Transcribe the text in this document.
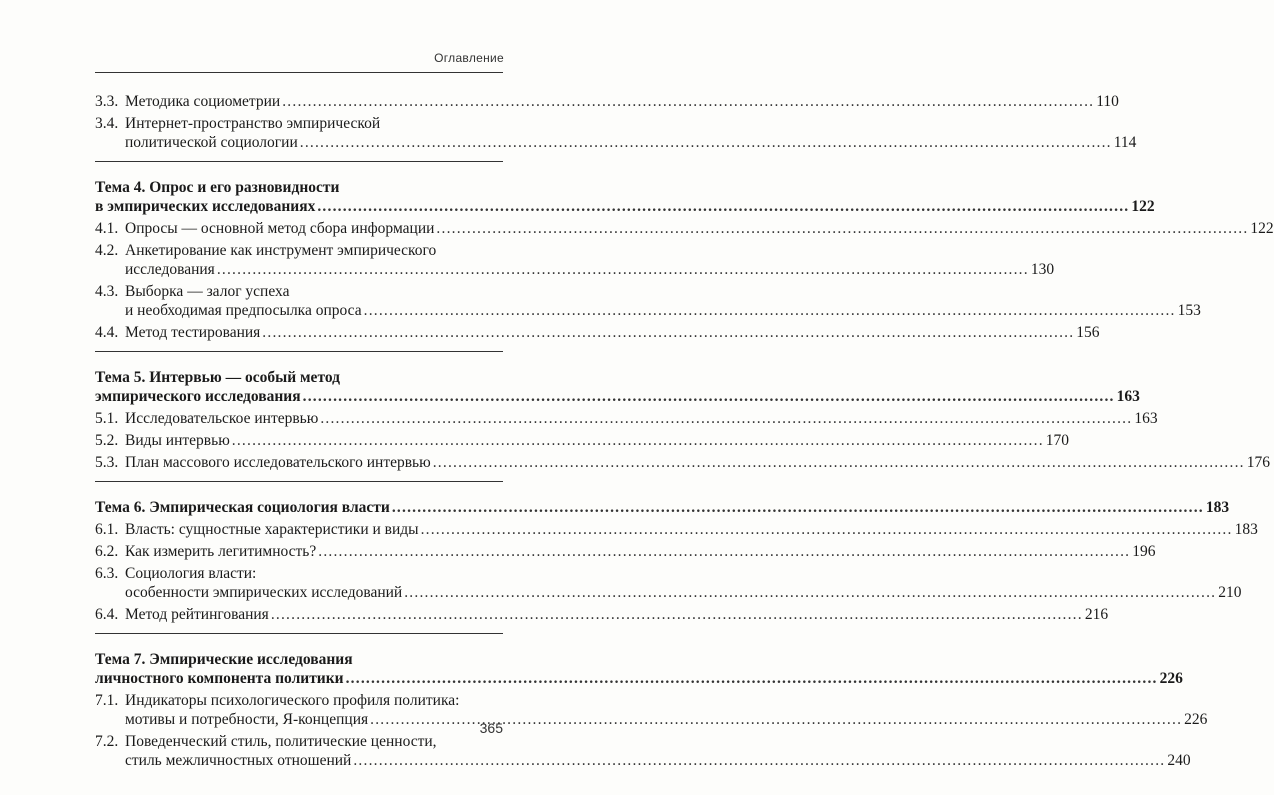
Оглавление
3.3. Методика социометрии .....	110
3.4. Интернет-пространство эмпирической
политической социологии .....	114
Тема 4. Опрос и его разновидности
в эмпирических исследованиях .....	122
4.1. Опросы — основной метод сбора информации .....	122
4.2. Анкетирование как инструмент эмпирического
исследования .....	130
4.3. Выборка — залог успеха
и необходимая предпосылка опроса .....	153
4.4. Метод тестирования .....	156
Тема 5. Интервью — особый метод
эмпирического исследования .....	163
5.1. Исследовательское интервью .....	163
5.2. Виды интервью .....	170
5.3. План массового исследовательского интервью .....	176
Тема 6. Эмпирическая социология власти .....	183
6.1. Власть: сущностные характеристики и виды .....	183
6.2. Как измерить легитимность? .....	196
6.3. Социология власти:
особенности эмпирических исследований .....	210
6.4. Метод рейтингования .....	216
Тема 7. Эмпирические исследования
личностного компонента политики .....	226
7.1. Индикаторы психологического профиля политика:
мотивы и потребности, Я-концепция .....	226
7.2. Поведенческий стиль, политические ценности,
стиль межличностных отношений .....	240
365
